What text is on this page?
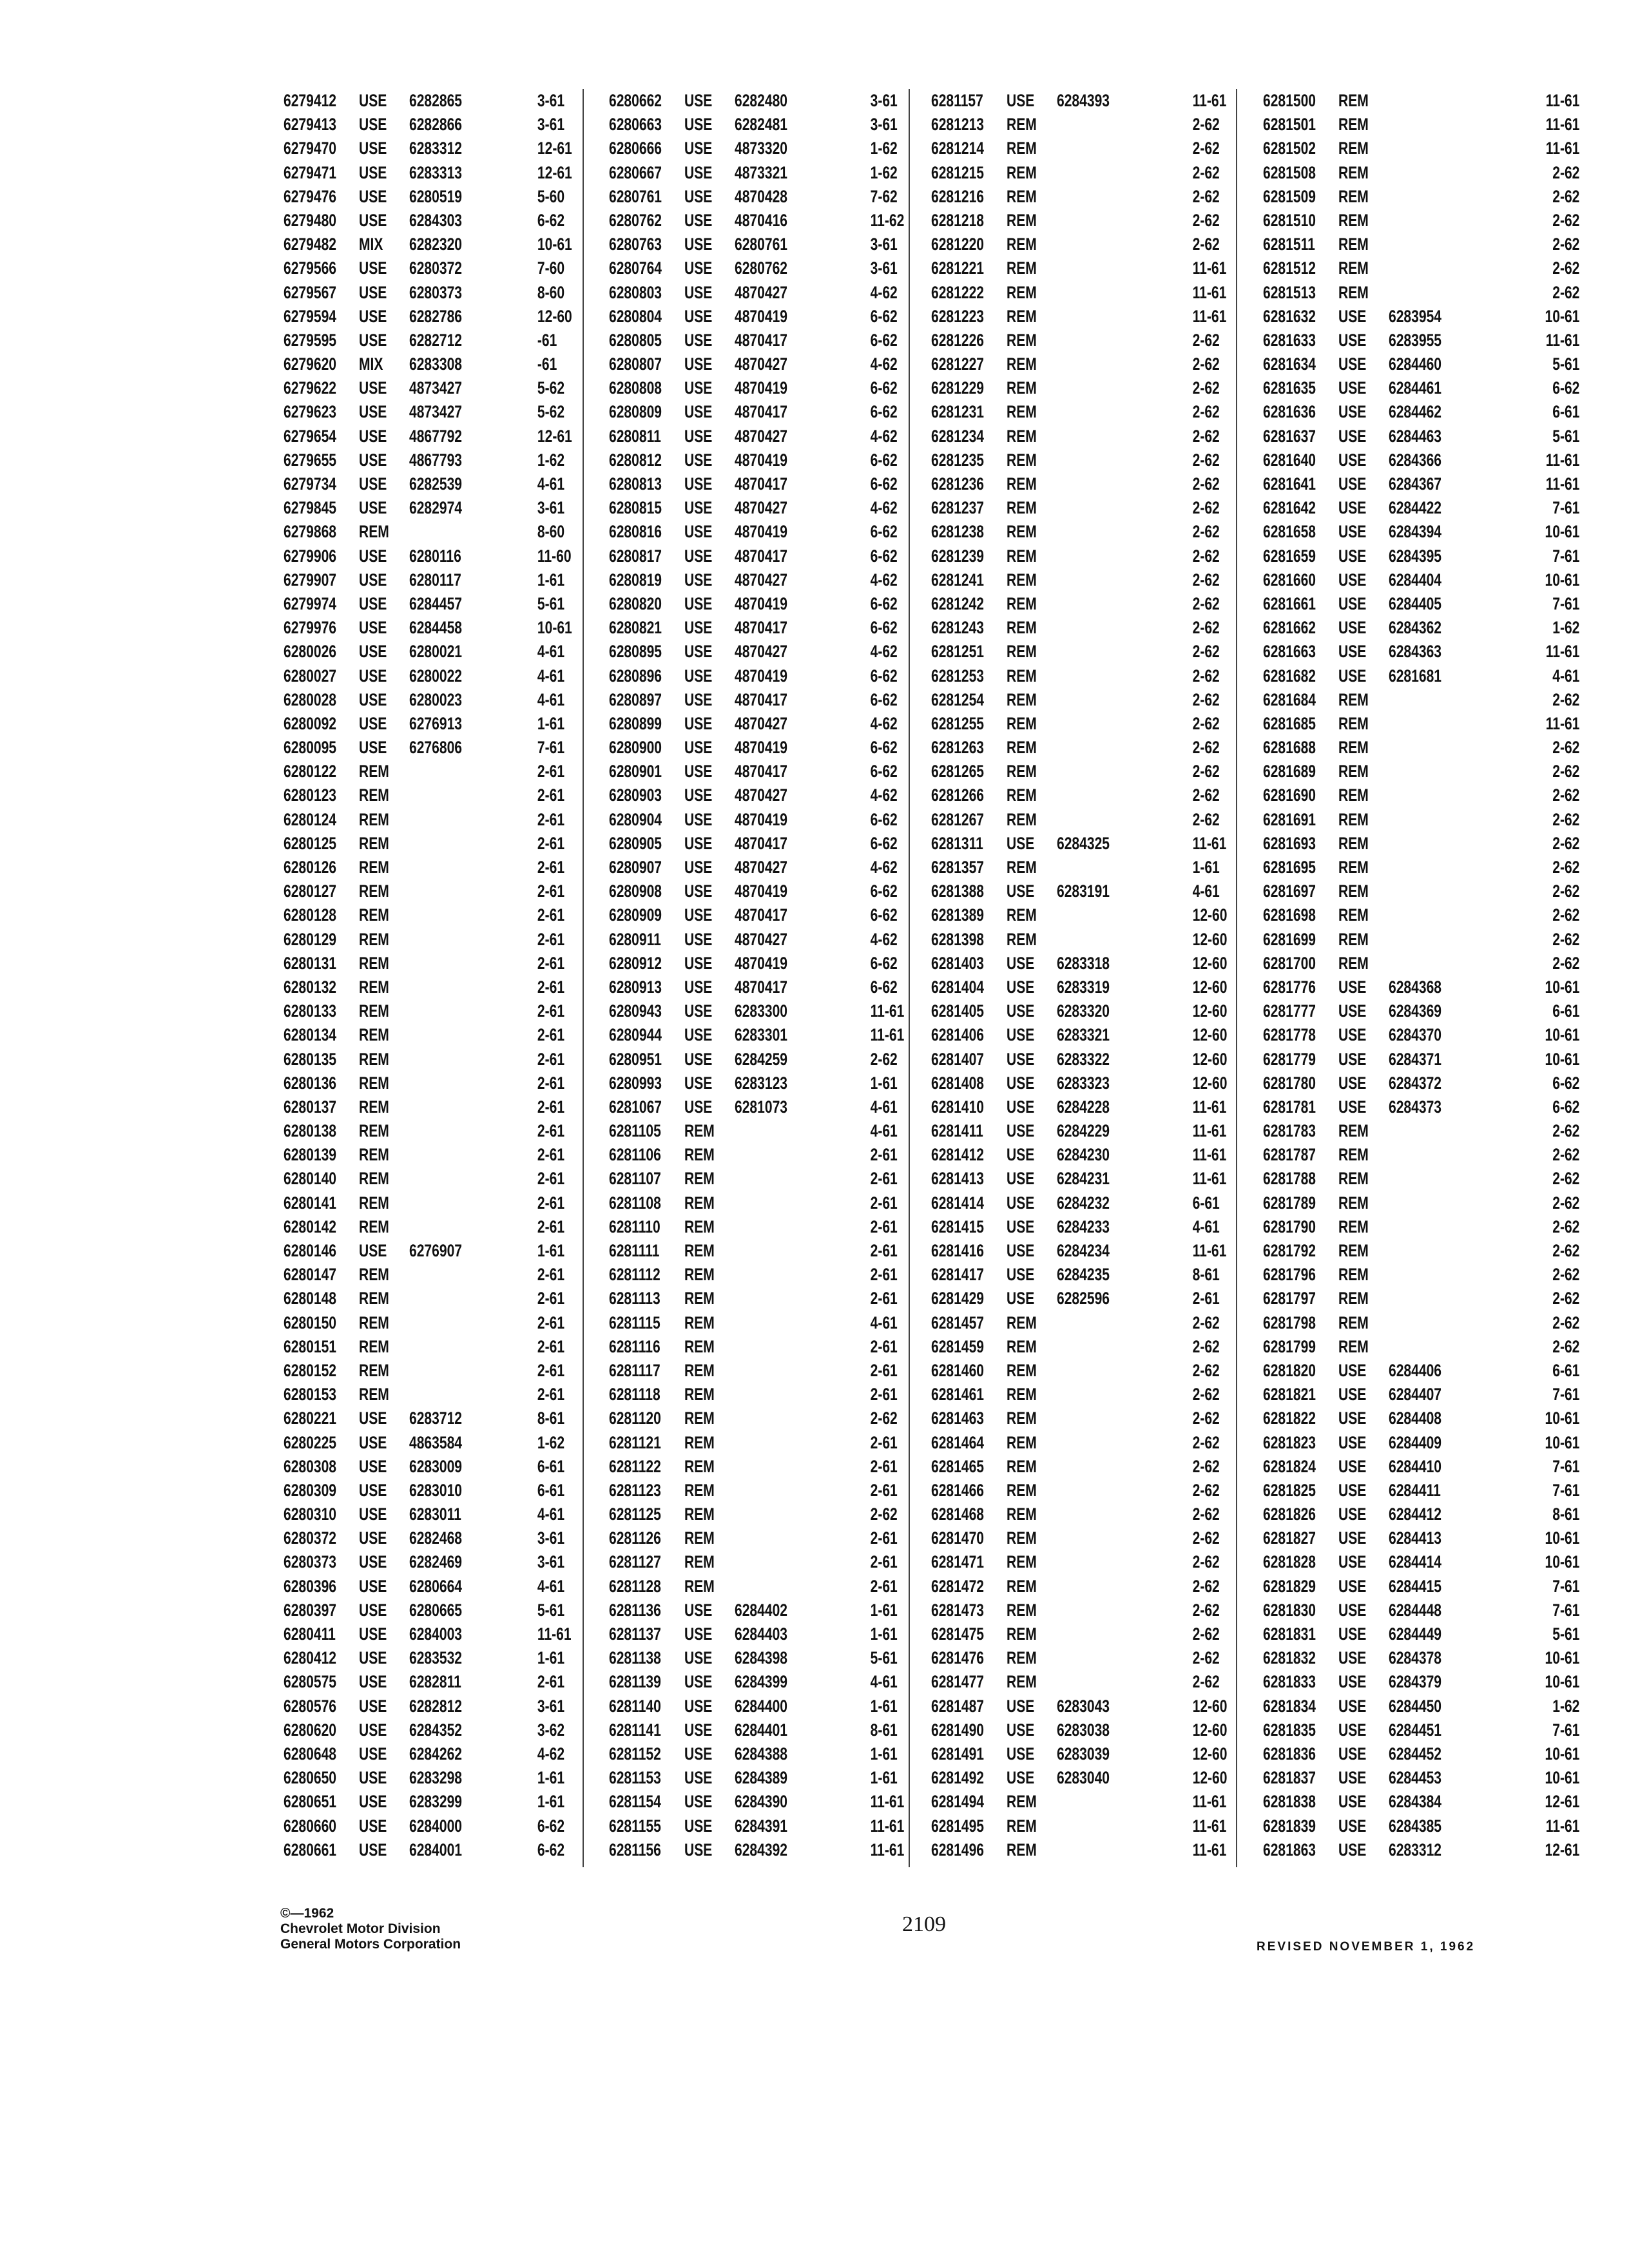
6279412 USE 6282865	3-61
6279413 USE 6282866	3-61
6279470 USE 6283312	12-61
6279471 USE 6283313	12-61
6279476 USE 6280519	5-60
6279480 USE 6284303	6-62
6279482 MIX 6282320	10-61
6279566 USE 6280372	7-60
6279567 USE 6280373	8-60
6279594 USE 6282786	12-60
6279595 USE 6282712	-61
6279620 MIX 6283308	-61
6279622 USE 4873427	5-62
6279623 USE 4873427	5-62
6279654 USE 4867792	12-61
6279655 USE 4867793	1-62
6279734 USE 6282539	4-61
6279845 USE 6282974	3-61
6279868 REM	8-60
6279906 USE 6280116	11-60
6279907 USE 6280117	1-61
6279974 USE 6284457	5-61
6279976 USE 6284458	10-61
6280026 USE 6280021	4-61
6280027 USE 6280022	4-61
6280028 USE 6280023	4-61
6280092 USE 6276913	1-61
6280095 USE 6276806	7-61
6280122 REM	2-61
6280123 REM	2-61
6280124 REM	2-61
6280125 REM	2-61
6280126 REM	2-61
6280127 REM	2-61
6280128 REM	2-61
6280129 REM	2-61
6280131 REM	2-61
6280132 REM	2-61
6280133 REM	2-61
6280134 REM	2-61
6280135 REM	2-61
6280136 REM	2-61
6280137 REM	2-61
6280138 REM	2-61
6280139 REM	2-61
6280140 REM	2-61
6280141 REM	2-61
6280142 REM	2-61
6280146 USE 6276907	1-61
6280147 REM	2-61
6280148 REM	2-61
6280150 REM	2-61
6280151 REM	2-61
6280152 REM	2-61
6280153 REM	2-61
6280221 USE 6283712	8-61
6280225 USE 4863584	1-62
6280308 USE 6283009	6-61
6280309 USE 6283010	6-61
6280310 USE 6283011	4-61
6280372 USE 6282468	3-61
6280373 USE 6282469	3-61
6280396 USE 6280664	4-61
6280397 USE 6280665	5-61
6280411 USE 6284003	11-61
6280412 USE 6283532	1-61
6280575 USE 6282811	2-61
6280576 USE 6282812	3-61
6280620 USE 6284352	3-62
6280648 USE 6284262	4-62
6280650 USE 6283298	1-61
6280651 USE 6283299	1-61
6280660 USE 6284000	6-62
6280661 USE 6284001	6-62
6280662 USE 6282480	3-61
6280663 USE 6282481	3-61
6280666 USE 4873320	1-62
6280667 USE 4873321	1-62
6280761 USE 4870428	7-62
6280762 USE 4870416	11-62
6280763 USE 6280761	3-61
6280764 USE 6280762	3-61
6280803 USE 4870427	4-62
6280804 USE 4870419	6-62
6280805 USE 4870417	6-62
6280807 USE 4870427	4-62
6280808 USE 4870419	6-62
6280809 USE 4870417	6-62
6280811 USE 4870427	4-62
6280812 USE 4870419	6-62
6280813 USE 4870417	6-62
6280815 USE 4870427	4-62
6280816 USE 4870419	6-62
6280817 USE 4870417	6-62
6280819 USE 4870427	4-62
6280820 USE 4870419	6-62
6280821 USE 4870417	6-62
6280895 USE 4870427	4-62
6280896 USE 4870419	6-62
6280897 USE 4870417	6-62
6280899 USE 4870427	4-62
6280900 USE 4870419	6-62
6280901 USE 4870417	6-62
6280903 USE 4870427	4-62
6280904 USE 4870419	6-62
6280905 USE 4870417	6-62
6280907 USE 4870427	4-62
6280908 USE 4870419	6-62
6280909 USE 4870417	6-62
6280911 USE 4870427	4-62
6280912 USE 4870419	6-62
6280913 USE 4870417	6-62
6280943 USE 6283300	11-61
6280944 USE 6283301	11-61
6280951 USE 6284259	2-62
6280993 USE 6283123	1-61
6281067 USE 6281073	4-61
6281105 REM	4-61
6281106 REM	2-61
6281107 REM	2-61
6281108 REM	2-61
6281110 REM	2-61
6281111 REM	2-61
6281112 REM	2-61
6281113 REM	2-61
6281115 REM	4-61
6281116 REM	2-61
6281117 REM	2-61
6281118 REM	2-61
6281120 REM	2-62
6281121 REM	2-61
6281122 REM	2-61
6281123 REM	2-61
6281125 REM	2-62
6281126 REM	2-61
6281127 REM	2-61
6281128 REM	2-61
6281136 USE 6284402	1-61
6281137 USE 6284403	1-61
6281138 USE 6284398	5-61
6281139 USE 6284399	4-61
6281140 USE 6284400	1-61
6281141 USE 6284401	8-61
6281152 USE 6284388	1-61
6281153 USE 6284389	1-61
6281154 USE 6284390	11-61
6281155 USE 6284391	11-61
6281156 USE 6284392	11-61
6281157 USE 6284393	11-61
6281213 REM	2-62
6281214 REM	2-62
6281215 REM	2-62
6281216 REM	2-62
6281218 REM	2-62
6281220 REM	2-62
6281221 REM	11-61
6281222 REM	11-61
6281223 REM	11-61
6281226 REM	2-62
6281227 REM	2-62
6281229 REM	2-62
6281231 REM	2-62
6281234 REM	2-62
6281235 REM	2-62
6281236 REM	2-62
6281237 REM	2-62
6281238 REM	2-62
6281239 REM	2-62
6281241 REM	2-62
6281242 REM	2-62
6281243 REM	2-62
6281251 REM	2-62
6281253 REM	2-62
6281254 REM	2-62
6281255 REM	2-62
6281263 REM	2-62
6281265 REM	2-62
6281266 REM	2-62
6281267 REM	2-62
6281311 USE 6284325	11-61
6281357 REM	1-61
6281388 USE 6283191	4-61
6281389 REM	12-60
6281398 REM	12-60
6281403 USE 6283318	12-60
6281404 USE 6283319	12-60
6281405 USE 6283320	12-60
6281406 USE 6283321	12-60
6281407 USE 6283322	12-60
6281408 USE 6283323	12-60
6281410 USE 6284228	11-61
6281411 USE 6284229	11-61
6281412 USE 6284230	11-61
6281413 USE 6284231	11-61
6281414 USE 6284232	6-61
6281415 USE 6284233	4-61
6281416 USE 6284234	11-61
6281417 USE 6284235	8-61
6281429 USE 6282596	2-61
6281457 REM	2-62
6281459 REM	2-62
6281460 REM	2-62
6281461 REM	2-62
6281463 REM	2-62
6281464 REM	2-62
6281465 REM	2-62
6281466 REM	2-62
6281468 REM	2-62
6281470 REM	2-62
6281471 REM	2-62
6281472 REM	2-62
6281473 REM	2-62
6281475 REM	2-62
6281476 REM	2-62
6281477 REM	2-62
6281487 USE 6283043	12-60
6281490 USE 6283038	12-60
6281491 USE 6283039	12-60
6281492 USE 6283040	12-60
6281494 REM	11-61
6281495 REM	11-61
6281496 REM	11-61
6281500 REM	11-61
6281501 REM	11-61
6281502 REM	11-61
6281508 REM	2-62
6281509 REM	2-62
6281510 REM	2-62
6281511 REM	2-62
6281512 REM	2-62
6281513 REM	2-62
6281632 USE 6283954	10-61
6281633 USE 6283955	11-61
6281634 USE 6284460	5-61
6281635 USE 6284461	6-62
6281636 USE 6284462	6-61
6281637 USE 6284463	5-61
6281640 USE 6284366	11-61
6281641 USE 6284367	11-61
6281642 USE 6284422	7-61
6281658 USE 6284394	10-61
6281659 USE 6284395	7-61
6281660 USE 6284404	10-61
6281661 USE 6284405	7-61
6281662 USE 6284362	1-62
6281663 USE 6284363	11-61
6281682 USE 6281681	4-61
6281684 REM	2-62
6281685 REM	11-61
6281688 REM	2-62
6281689 REM	2-62
6281690 REM	2-62
6281691 REM	2-62
6281693 REM	2-62
6281695 REM	2-62
6281697 REM	2-62
6281698 REM	2-62
6281699 REM	2-62
6281700 REM	2-62
6281776 USE 6284368	10-61
6281777 USE 6284369	6-61
6281778 USE 6284370	10-61
6281779 USE 6284371	10-61
6281780 USE 6284372	6-62
6281781 USE 6284373	6-62
6281783 REM	2-62
6281787 REM	2-62
6281788 REM	2-62
6281789 REM	2-62
6281790 REM	2-62
6281792 REM	2-62
6281796 REM	2-62
6281797 REM	2-62
6281798 REM	2-62
6281799 REM	2-62
6281820 USE 6284406	6-61
6281821 USE 6284407	7-61
6281822 USE 6284408	10-61
6281823 USE 6284409	10-61
6281824 USE 6284410	7-61
6281825 USE 6284411	7-61
6281826 USE 6284412	8-61
6281827 USE 6284413	10-61
6281828 USE 6284414	10-61
6281829 USE 6284415	7-61
6281830 USE 6284448	7-61
6281831 USE 6284449	5-61
6281832 USE 6284378	10-61
6281833 USE 6284379	10-61
6281834 USE 6284450	1-62
6281835 USE 6284451	7-61
6281836 USE 6284452	10-61
6281837 USE 6284453	10-61
6281838 USE 6284384	12-61
6281839 USE 6284385	11-61
6281863 USE 6283312	12-61
©—1962
Chevrolet Motor Division
General Motors Corporation
2109
REVISED NOVEMBER 1, 1962
